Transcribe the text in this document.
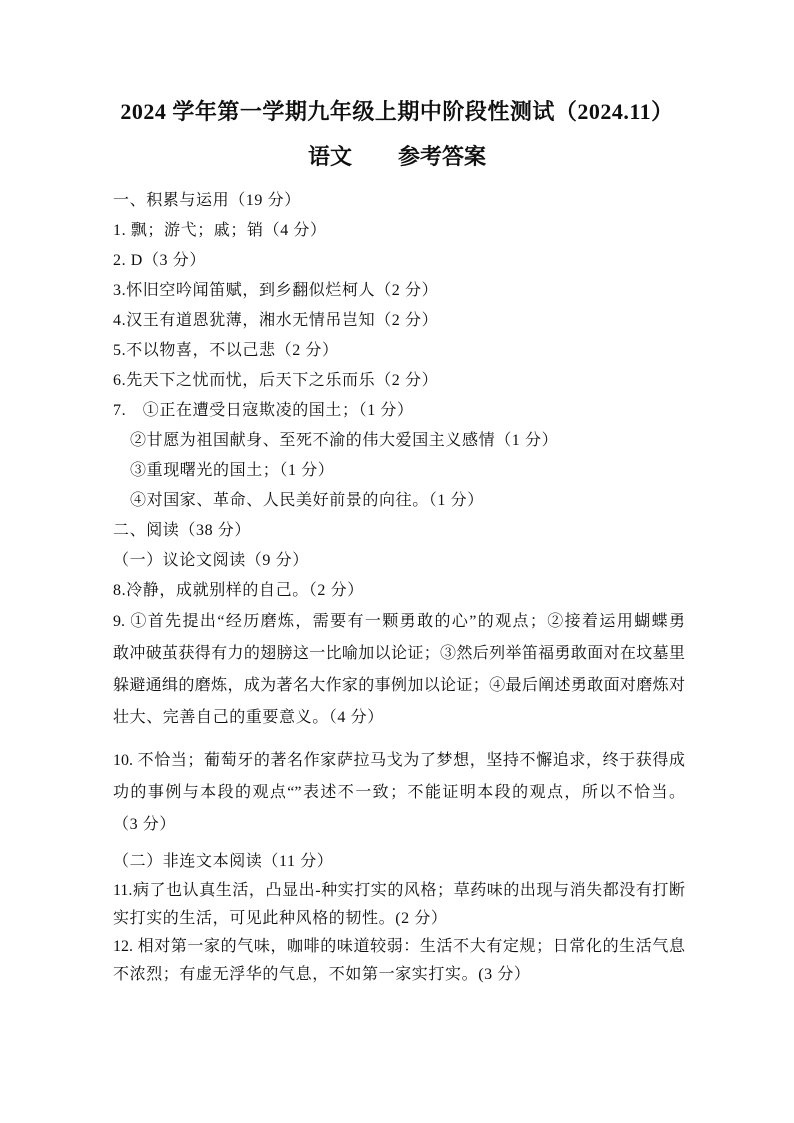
2024 学年第一学期九年级上期中阶段性测试（2024.11）
语文 参考答案
一、积累与运用（19 分）
1. 飘；游弋；戚；销（4 分）
2. D（3 分）
3.怀旧空吟闻笛赋，到乡翻似烂柯人（2 分）
4.汉王有道恩犹薄，湘水无情吊岂知（2 分）
5.不以物喜，不以己悲（2 分）
6.先天下之忧而忧，后天下之乐而乐（2 分）
7.　①正在遭受日寇欺凌的国土；（1 分）
②甘愿为祖国献身、至死不渝的伟大爱国主义感情（1 分）
③重现曙光的国土；（1 分）
④对国家、革命、人民美好前景的向往。（1 分）
二、阅读（38 分）
（一）议论文阅读（9 分）
8.冷静，成就别样的自己。（2 分）
9. ①首先提出“经历磨炼，需要有一颗勇敢的心”的观点；②接着运用蝴蝶勇
敢冲破茧获得有力的翅膀这一比喻加以论证；③然后列举笛福勇敢面对在坟墓里
躲避通缉的磨炼，成为著名大作家的事例加以论证；④最后阐述勇敢面对磨炼对
壮大、完善自己的重要意义。（4 分）
10. 不恰当；葡萄牙的著名作家萨拉马戈为了梦想，坚持不懈追求，终于获得成
功的事例与本段的观点“”表述不一致；不能证明本段的观点，所以不恰当。
（3 分）
（二）非连文本阅读（11 分）
11.病了也认真生活，凸显出-种实打实的风格；草药味的出现与消失都没有打断
实打实的生活，可见此种风格的韧性。(2 分）
12. 相对第一家的气味，咖啡的味道较弱：生活不大有定规；日常化的生活气息
不浓烈；有虚无浮华的气息，不如第一家实打实。(3 分）
